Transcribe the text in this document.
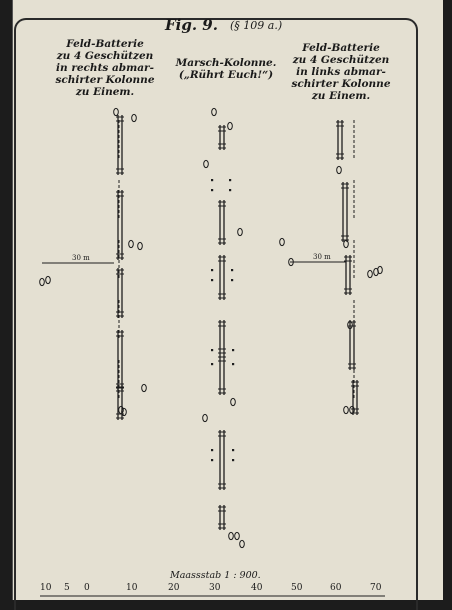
Fig. 9. (§ 109 a.)
Feld-Batterie
zu 4 Geschützen
in rechts abmar-
schirter Kolonne
zu Einem.
Marsch-Kolonne.
(„Rührt Euch!“)
Feld-Batterie
zu 4 Geschützen
in links abmar-
schirter Kolonne
zu Einem.
30 m	30 m
Maassstab 1 : 900.
10 5 0	10	20	30	40	50	60	70
